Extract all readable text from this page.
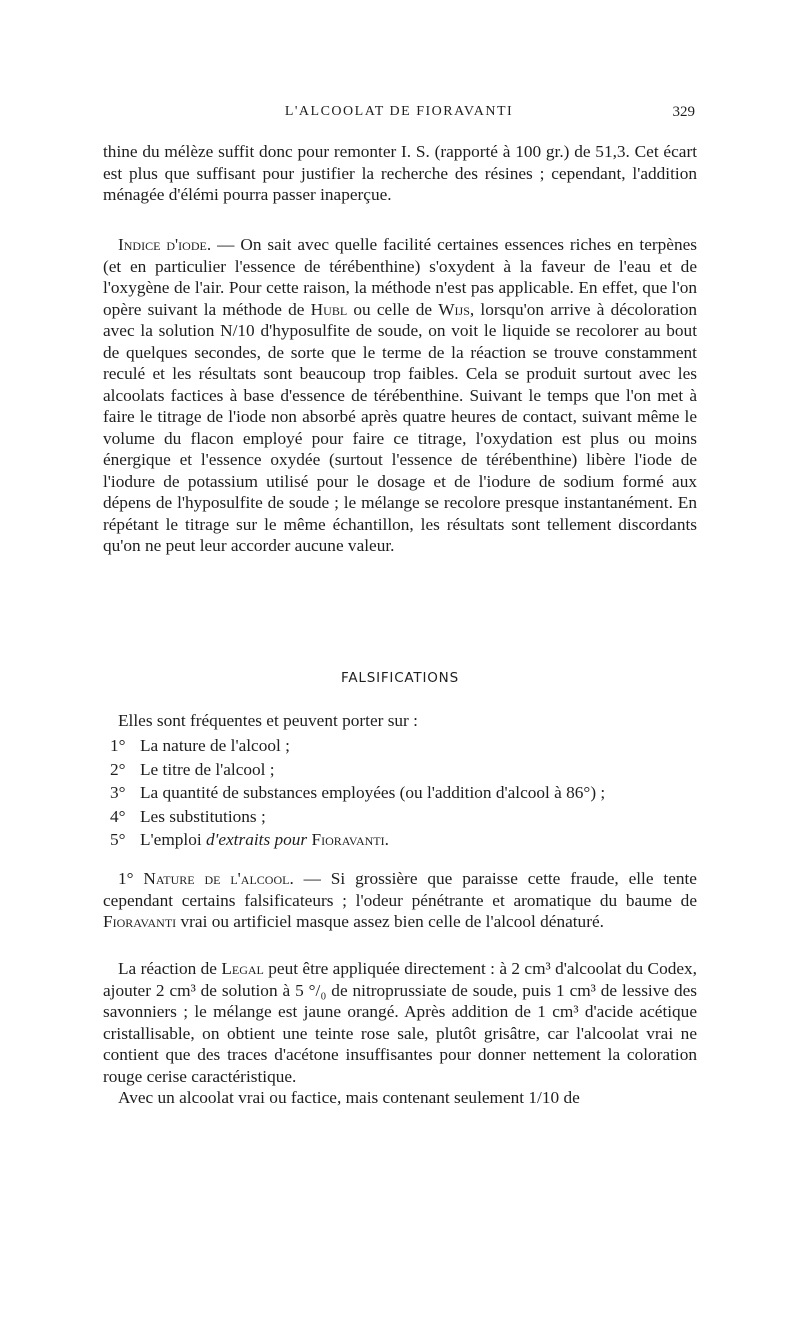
L'ALCOOLAT DE FIORAVANTI	329

thine du mélèze suffit donc pour remonter I. S. (rapporté à 100 gr.) de 51,3. Cet écart est plus que suffisant pour justifier la recherche des résines ; cependant, l'addition ménagée d'élémi pourra passer inaperçue.

Indice d'iode. — On sait avec quelle facilité certaines essences riches en terpènes (et en particulier l'essence de térébenthine) s'oxydent à la faveur de l'eau et de l'oxygène de l'air. Pour cette raison, la méthode n'est pas applicable. En effet, que l'on opère suivant la méthode de Hubl ou celle de Wijs, lorsqu'on arrive à décoloration avec la solution N/10 d'hyposulfite de soude, on voit le liquide se recolorer au bout de quelques secondes, de sorte que le terme de la réaction se trouve constamment reculé et les résultats sont beaucoup trop faibles. Cela se produit surtout avec les alcoolats factices à base d'essence de térébenthine. Suivant le temps que l'on met à faire le titrage de l'iode non absorbé après quatre heures de contact, suivant même le volume du flacon employé pour faire ce titrage, l'oxydation est plus ou moins énergique et l'essence oxydée (surtout l'essence de térébenthine) libère l'iode de l'iodure de potassium utilisé pour le dosage et de l'iodure de sodium formé aux dépens de l'hyposulfite de soude ; le mélange se recolore presque instantanément. En répétant le titrage sur le même échantillon, les résultats sont tellement discordants qu'on ne peut leur accorder aucune valeur.

FALSIFICATIONS
Elles sont fréquentes et peuvent porter sur :
1° La nature de l'alcool ;
2° Le titre de l'alcool ;
3° La quantité de substances employées (ou l'addition d'alcool à 86°) ;
4° Les substitutions ;
5° L'emploi d'extraits pour Fioravanti.

1° Nature de l'alcool. — Si grossière que paraisse cette fraude, elle tente cependant certains falsificateurs ; l'odeur pénétrante et aromatique du baume de Fioravanti vrai ou artificiel masque assez bien celle de l'alcool dénaturé.

La réaction de Legal peut être appliquée directement : à 2 cm³ d'alcoolat du Codex, ajouter 2 cm³ de solution à 5 °/₀ de nitroprussiate de soude, puis 1 cm³ de lessive des savonniers ; le mélange est jaune orangé. Après addition de 1 cm³ d'acide acétique cristallisable, on obtient une teinte rose sale, plutôt grisâtre, car l'alcoolat vrai ne contient que des traces d'acétone insuffisantes pour donner nettement la coloration rouge cerise caractéristique.

Avec un alcoolat vrai ou factice, mais contenant seulement 1/10 de
